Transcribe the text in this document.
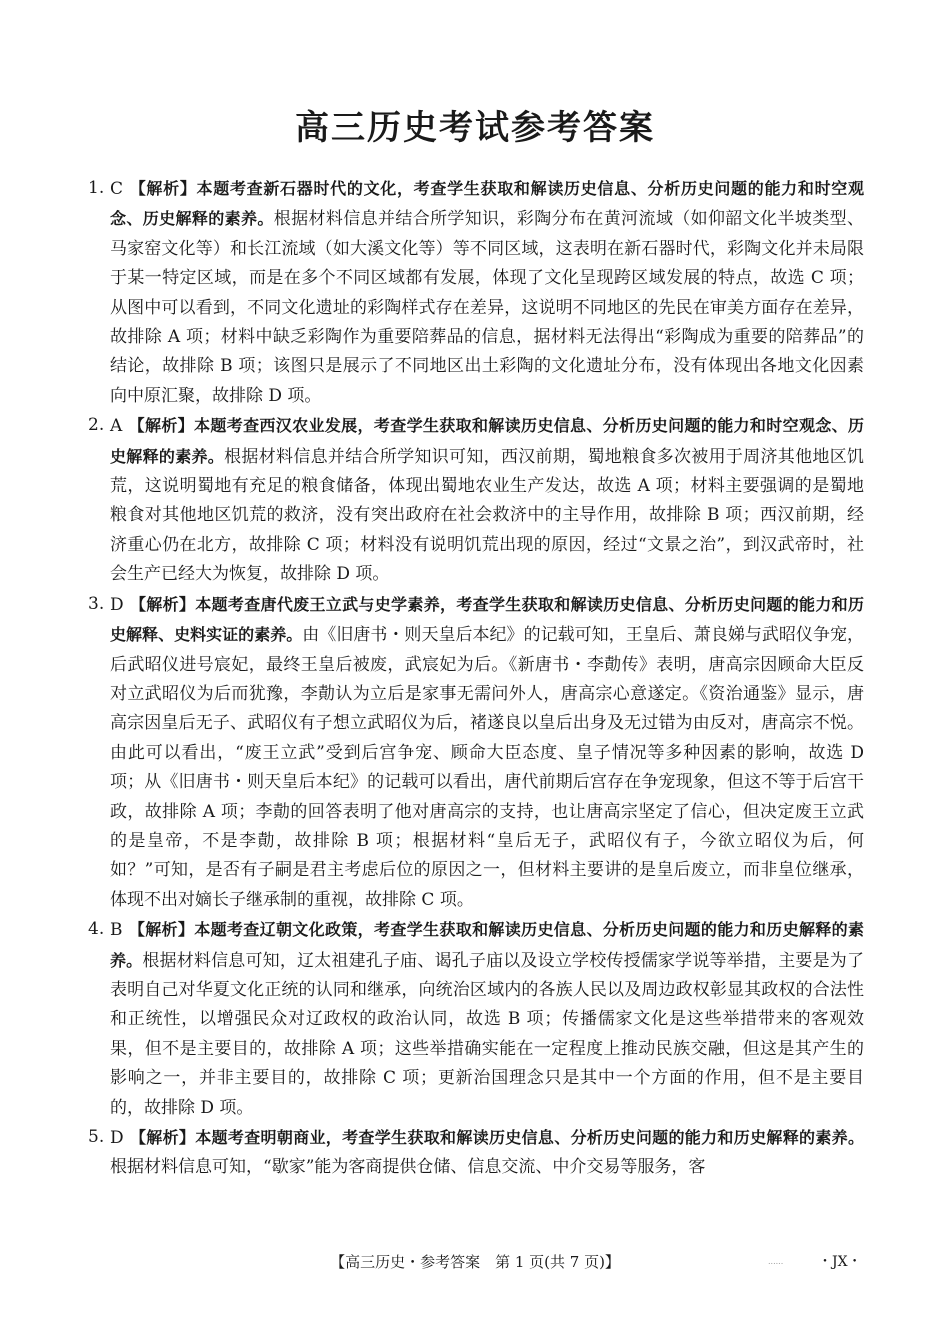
高三历史考试参考答案

1. C 【解析】本题考查新石器时代的文化，考查学生获取和解读历史信息、分析历史问题的能力和时空观念、历史解释的素养。根据材料信息并结合所学知识，彩陶分布在黄河流域（如仰韶文化半坡类型、马家窑文化等）和长江流域（如大溪文化等）等不同区域，这表明在新石器时代，彩陶文化并未局限于某一特定区域，而是在多个不同区域都有发展，体现了文化呈现跨区域发展的特点，故选 C 项；从图中可以看到，不同文化遗址的彩陶样式存在差异，这说明不同地区的先民在审美方面存在差异，故排除 A 项；材料中缺乏彩陶作为重要陪葬品的信息，据材料无法得出“彩陶成为重要的陪葬品”的结论，故排除 B 项；该图只是展示了不同地区出土彩陶的文化遗址分布，没有体现出各地文化因素向中原汇聚，故排除 D 项。

2. A 【解析】本题考查西汉农业发展，考查学生获取和解读历史信息、分析历史问题的能力和时空观念、历史解释的素养。根据材料信息并结合所学知识可知，西汉前期，蜀地粮食多次被用于周济其他地区饥荒，这说明蜀地有充足的粮食储备，体现出蜀地农业生产发达，故选 A 项；材料主要强调的是蜀地粮食对其他地区饥荒的救济，没有突出政府在社会救济中的主导作用，故排除 B 项；西汉前期，经济重心仍在北方，故排除 C 项；材料没有说明饥荒出现的原因，经过“文景之治”，到汉武帝时，社会生产已经大为恢复，故排除 D 项。

3. D 【解析】本题考查唐代废王立武与史学素养，考查学生获取和解读历史信息、分析历史问题的能力和历史解释、史料实证的素养。由《旧唐书・则天皇后本纪》的记载可知，王皇后、萧良娣与武昭仪争宠，后武昭仪进号宸妃，最终王皇后被废，武宸妃为后。《新唐书・李勣传》表明，唐高宗因顾命大臣反对立武昭仪为后而犹豫，李勣认为立后是家事无需问外人，唐高宗心意遂定。《资治通鉴》显示，唐高宗因皇后无子、武昭仪有子想立武昭仪为后，褚遂良以皇后出身及无过错为由反对，唐高宗不悦。由此可以看出，“废王立武”受到后宫争宠、顾命大臣态度、皇子情况等多种因素的影响，故选 D 项；从《旧唐书・则天皇后本纪》的记载可以看出，唐代前期后宫存在争宠现象，但这不等于后宫干政，故排除 A 项；李勣的回答表明了他对唐高宗的支持，也让唐高宗坚定了信心，但决定废王立武的是皇帝，不是李勣，故排除 B 项；根据材料“皇后无子，武昭仪有子，今欲立昭仪为后，何如？”可知，是否有子嗣是君主考虑后位的原因之一，但材料主要讲的是皇后废立，而非皇位继承，体现不出对嫡长子继承制的重视，故排除 C 项。

4. B 【解析】本题考查辽朝文化政策，考查学生获取和解读历史信息、分析历史问题的能力和历史解释的素养。根据材料信息可知，辽太祖建孔子庙、谒孔子庙以及设立学校传授儒家学说等举措，主要是为了表明自己对华夏文化正统的认同和继承，向统治区域内的各族人民以及周边政权彰显其政权的合法性和正统性，以增强民众对辽政权的政治认同，故选 B 项；传播儒家文化是这些举措带来的客观效果，但不是主要目的，故排除 A 项；这些举措确实能在一定程度上推动民族交融，但这是其产生的影响之一，并非主要目的，故排除 C 项；更新治国理念只是其中一个方面的作用，但不是主要目的，故排除 D 项。

5. D 【解析】本题考查明朝商业，考查学生获取和解读历史信息、分析历史问题的能力和历史解释的素养。根据材料信息可知，“歇家”能为客商提供仓储、信息交流、中介交易等服务，客

【高三历史・参考答案　第 1 页(共 7 页)】	...... ・JX・
